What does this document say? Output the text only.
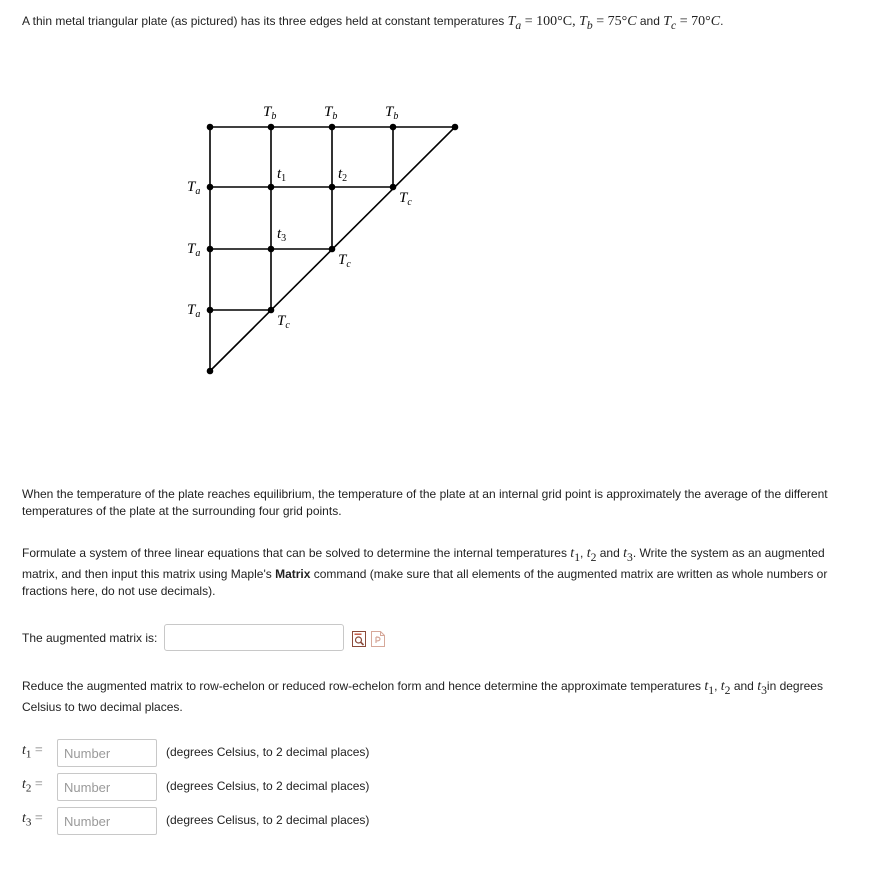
A thin metal triangular plate (as pictured) has its three edges held at constant temperatures $T_a = 100^\circ C$, $T_b = 75^\circ C$ and $T_c = 70^\circ C$.

$T_b$	$T_b$	$T_b$
$T_a$
$T_a$
$T_a$
$T_c$
$T_c$
$T_c$
$t_1$	$t_2$
$t_3$

When the temperature of the plate reaches equilibrium, the temperature of the plate at an internal grid point is approximately the average of the different temperatures of the plate at the surrounding four grid points.

Formulate a system of three linear equations that can be solved to determine the internal temperatures $t_1$, $t_2$ and $t_3$. Write the system as an augmented matrix, and then input this matrix using Maple's Matrix command (make sure that all elements of the augmented matrix are written as whole numbers or fractions here, do not use decimals).

The augmented matrix is:

Reduce the augmented matrix to row-echelon or reduced row-echelon form and hence determine the approximate temperatures $t_1$, $t_2$ and $t_3in$ degrees Celsius to two decimal places.

$t_1$ =
Number	(degrees Celsius, to 2 decimal places)
$t_2$ =
Number	(degrees Celsius, to 2 decimal places)
$t_3$ =
Number	(degrees Celisus, to 2 decimal places)
